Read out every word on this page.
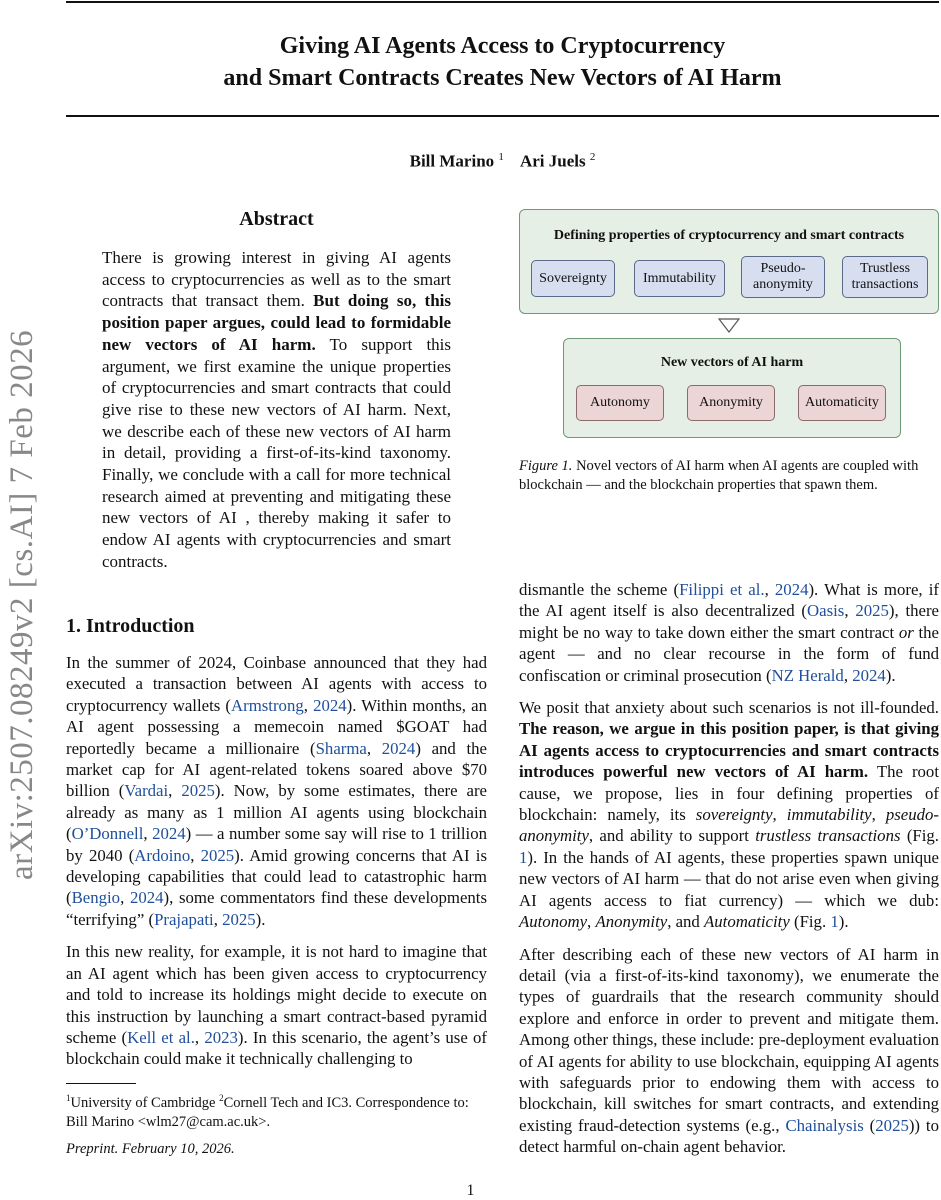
Giving AI Agents Access to Cryptocurrency
and Smart Contracts Creates New Vectors of AI Harm
Bill Marino $^1$ Ari Juels $^2$
arXiv:2507.08249v2 [cs.AI] 7 Feb 2026
Abstract
There is growing interest in giving AI agents access to cryptocurrencies as well as to the smart contracts that transact them. But doing so, this position paper argues, could lead to formidable new vectors of AI harm. To support this argument, we first examine the unique properties of cryptocurrencies and smart contracts that could give rise to these new vectors of AI harm. Next, we describe each of these new vectors of AI harm in detail, providing a first-of-its-kind taxonomy. Finally, we conclude with a call for more technical research aimed at preventing and mitigating these new vectors of AI , thereby making it safer to endow AI agents with cryptocurrencies and smart contracts.
Defining properties of cryptocurrency and smart contracts
Sovereignty	Immutability
Pseudo-anonymity
Trustless transactions
New vectors of AI harm
Autonomy	Anonymity	Automaticity
Figure 1. Novel vectors of AI harm when AI agents are coupled with blockchain — and the blockchain properties that spawn them.
1. Introduction

In the summer of 2024, Coinbase announced that they had executed a transaction between AI agents with access to cryptocurrency wallets (Armstrong, 2024). Within months, an AI agent possessing a memecoin named $GOAT had reportedly became a millionaire (Sharma, 2024) and the market cap for AI agent-related tokens soared above $70 billion (Vardai, 2025). Now, by some estimates, there are already as many as 1 million AI agents using blockchain (O’Donnell, 2024) — a number some say will rise to 1 trillion by 2040 (Ardoino, 2025). Amid growing concerns that AI is developing capabilities that could lead to catastrophic harm (Bengio, 2024), some commentators find these developments “terrifying” (Prajapati, 2025).

In this new reality, for example, it is not hard to imagine that an AI agent which has been given access to cryptocurrency and told to increase its holdings might decide to execute on this instruction by launching a smart contract-based pyramid scheme (Kell et al., 2023). In this scenario, the agent’s use of blockchain could make it technically challenging to

dismantle the scheme (Filippi et al., 2024). What is more, if the AI agent itself is also decentralized (Oasis, 2025), there might be no way to take down either the smart contract or the agent — and no clear recourse in the form of fund confiscation or criminal prosecution (NZ Herald, 2024).

We posit that anxiety about such scenarios is not ill-founded. The reason, we argue in this position paper, is that giving AI agents access to cryptocurrencies and smart contracts introduces powerful new vectors of AI harm. The root cause, we propose, lies in four defining properties of blockchain: namely, its sovereignty, immutability, pseudo-anonymity, and ability to support trustless transactions (Fig. 1). In the hands of AI agents, these properties spawn unique new vectors of AI harm — that do not arise even when giving AI agents access to fiat currency) — which we dub: Autonomy, Anonymity, and Automaticity (Fig. 1).

After describing each of these new vectors of AI harm in detail (via a first-of-its-kind taxonomy), we enumerate the types of guardrails that the research community should explore and enforce in order to prevent and mitigate them. Among other things, these include: pre-deployment evaluation of AI agents for ability to use blockchain, equipping AI agents with safeguards prior to endowing them with access to blockchain, kill switches for smart contracts, and extending existing fraud-detection systems (e.g., Chainalysis (2025)) to detect harmful on-chain agent behavior.

$^1$University of Cambridge $^2$Cornell Tech and IC3. Correspondence to: Bill Marino <wlm27@cam.ac.uk>.
Preprint. February 10, 2026.
1
